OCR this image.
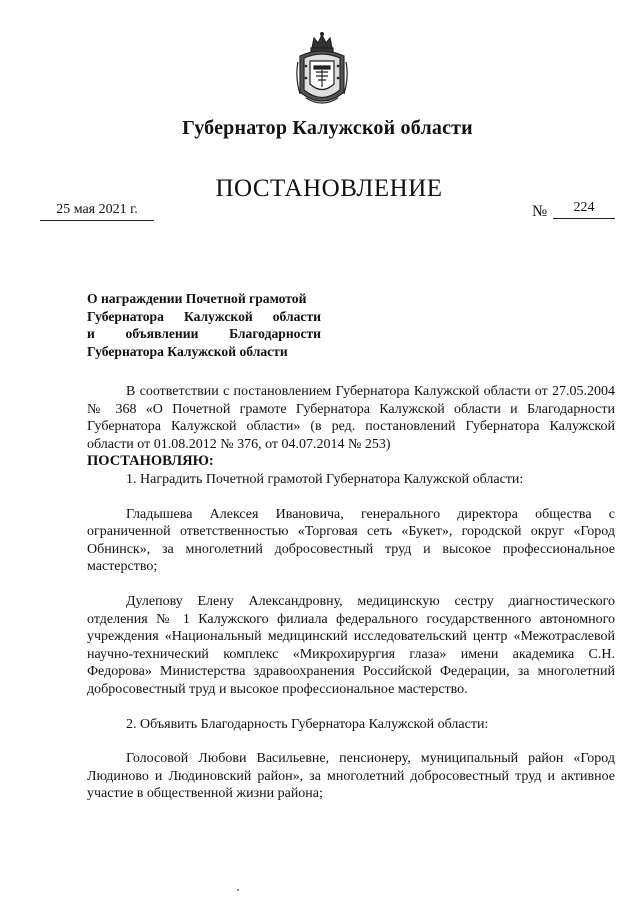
Губернатор Калужской области
ПОСТАНОВЛЕНИЕ
25 мая 2021 г.	№	224
О награждении Почетной грамотой
Губернатора Калужской области
и объявлении Благодарности
Губернатора Калужской области

В соответствии с постановлением Губернатора Калужской области от 27.05.2004 № 368 «О Почетной грамоте Губернатора Калужской области и Благодарности Губернатора Калужской области» (в ред. постановлений Губернатора Калужской области от 01.08.2012 № 376, от 04.07.2014 № 253)

ПОСТАНОВЛЯЮ:

1. Наградить Почетной грамотой Губернатора Калужской области:

Гладышева Алексея Ивановича, генерального директора общества с ограниченной ответственностью «Торговая сеть «Букет», городской округ «Город Обнинск», за многолетний добросовестный труд и высокое профессиональное мастерство;

Дулепову Елену Александровну, медицинскую сестру диагностического отделения № 1 Калужского филиала федерального государственного автономного учреждения «Национальный медицинский исследовательский центр «Межотраслевой научно-технический комплекс «Микрохирургия глаза» имени академика С.Н. Федорова» Министерства здравоохранения Российской Федерации, за многолетний добросовестный труд и высокое профессиональное мастерство.

2. Объявить Благодарность Губернатора Калужской области:

Голосовой Любови Васильевне, пенсионеру, муниципальный район «Город Людиново и Людиновский район», за многолетний добросовестный труд и активное участие в общественной жизни района;
